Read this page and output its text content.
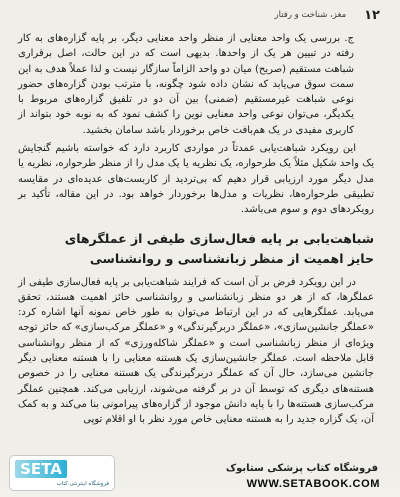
۱۲
مغز، شناخت و رفتار

ج. بررسی یک واحد معنایی از منظر واحد معنایی دیگر، بر پایه گزاره‌های به کار رفته در تبیین هر یک از واحدها. بدیهی است که در این حالت، اصل برقراری شباهت مستقیم (صریح) میان دو واحد الزاماً سازگار نیست و لذا عملاً هدف به این سمت سوق می‌یابد که نشان داده شود چگونه، با مترتب بودن گزاره‌های حضور نوعی شباهت غیرمستقیم (ضمنی) بین آن دو در تلفیق گزاره‌های مربوط با یکدیگر، می‌توان نوعی واحد معنایی نوین را کشف نمود که به نوبه خود بتواند از کاربری مفیدی در یک هم‌بافت خاص برخوردار باشد سامان بخشید.

این رویکرد شباهت‌یابی عمدتاً در مواردی کاربرد دارد که خواسته باشیم گنجایش یک واحد شکیل مثلاً یک طرحواره، یک نظریه یا یک مدل را از منظر طرحواره، نظریه یا مدل دیگر مورد ارزیابی قرار دهیم که بی‌تردید از کاربست‌های عدیده‌ای در مقایسه تطبیقی طرحواره‌ها، نظریات و مدل‌ها برخوردار خواهد بود. در این مقاله، تأکید بر رویکردهای دوم و سوم می‌باشد.

شباهت‌یابی بر پایه فعال‌سازی طیفی از عملگرهای
حایز اهمیت از منظر زبانشناسی و روانشناسی

در این رویکرد فرض بر آن است که فرایند شباهت‌یابی بر پایه فعال‌سازی طیفی از عملگرها، که از هر دو منظر زبانشناسی و روانشناسی حائز اهمیت هستند، تحقق می‌یابد. عملگرهایی که در این ارتباط می‌توان به طور خاص نمونه آنها اشاره کرد: «عملگر جانشین‌سازی»، «عملگر دربرگیرندگی» و «عملگر مرکب‌سازی» که حائز توجه ویژه‌ای از منظر زبانشناسی است و «عملگر شاکله‌ورزی» که از منظر روانشناسی قابل ملاحظه است. عملگر جانشین‌سازی یک هستنه معنایی را با هستنه معنایی دیگر جانشین می‌سازد، حال آن که عملگر دربرگیرندگی یک هستنه معنایی را در خصوص هستنه‌های دیگری که توسط آن در بر گرفته می‌شوند، ارزیابی می‌کند. همچنین عملگر مرکب‌سازی هستنه‌ها را با پایه دانش موجود از گزاره‌های پیرامونی بنا می‌کند و به کمک آن، یک گزاره جدید را به هستنه معنایی خاص مورد نظر با او اقلام توپی

SETA
فروشگاه اینترنتی کتاب
فروشگاه کتاب پزشکی ستابوک
WWW.SETABOOK.COM
